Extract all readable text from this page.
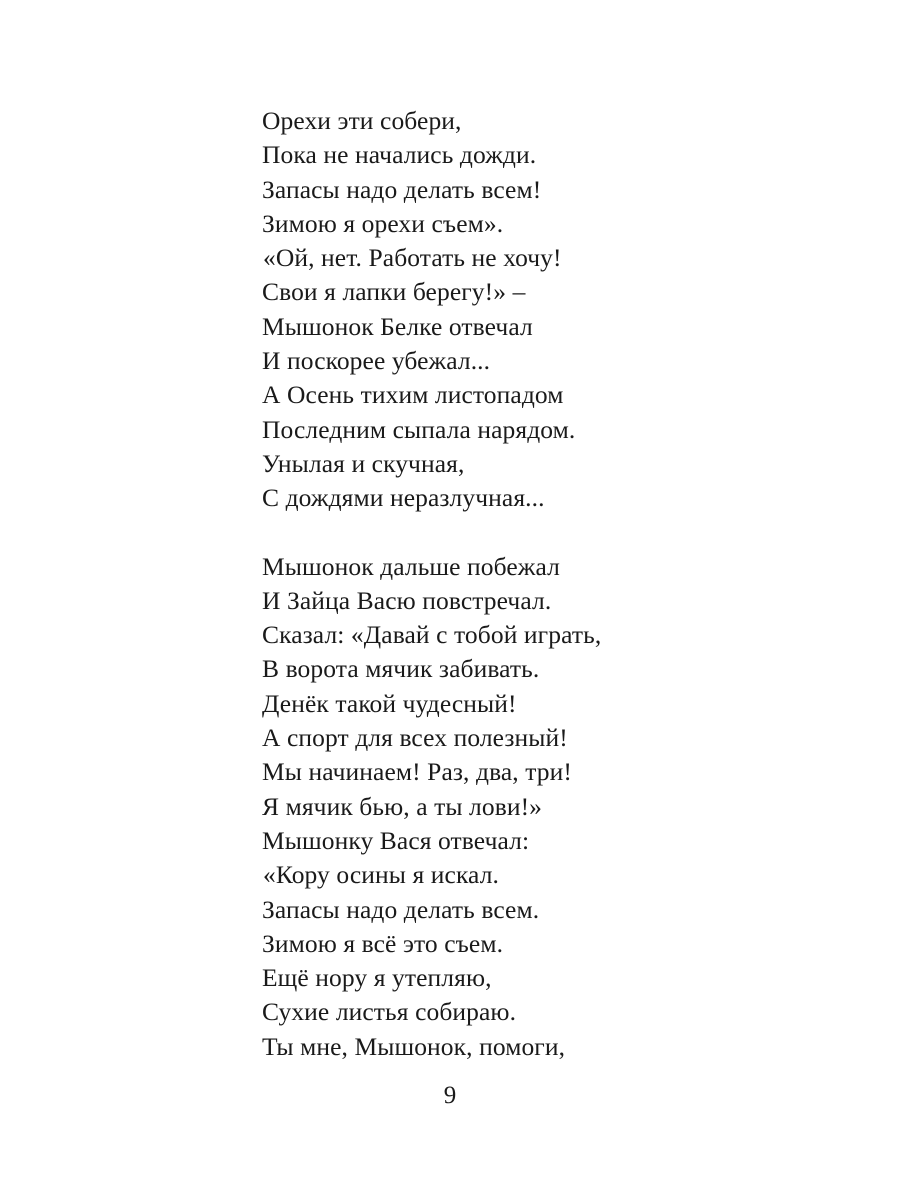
Орехи эти собери,
Пока не начались дожди.
Запасы надо делать всем!
Зимою я орехи съем».
«Ой, нет. Работать не хочу!
Свои я лапки берегу!» –
Мышонок Белке отвечал
И поскорее убежал...
А Осень тихим листопадом
Последним сыпала нарядом.
Унылая и скучная,
С дождями неразлучная...
Мышонок дальше побежал
И Зайца Васю повстречал.
Сказал: «Давай с тобой играть,
В ворота мячик забивать.
Денёк такой чудесный!
А спорт для всех полезный!
Мы начинаем! Раз, два, три!
Я мячик бью, а ты лови!»
Мышонку Вася отвечал:
«Кору осины я искал.
Запасы надо делать всем.
Зимою я всё это съем.
Ещё нору я утепляю,
Сухие листья собираю.
Ты мне, Мышонок, помоги,
9
